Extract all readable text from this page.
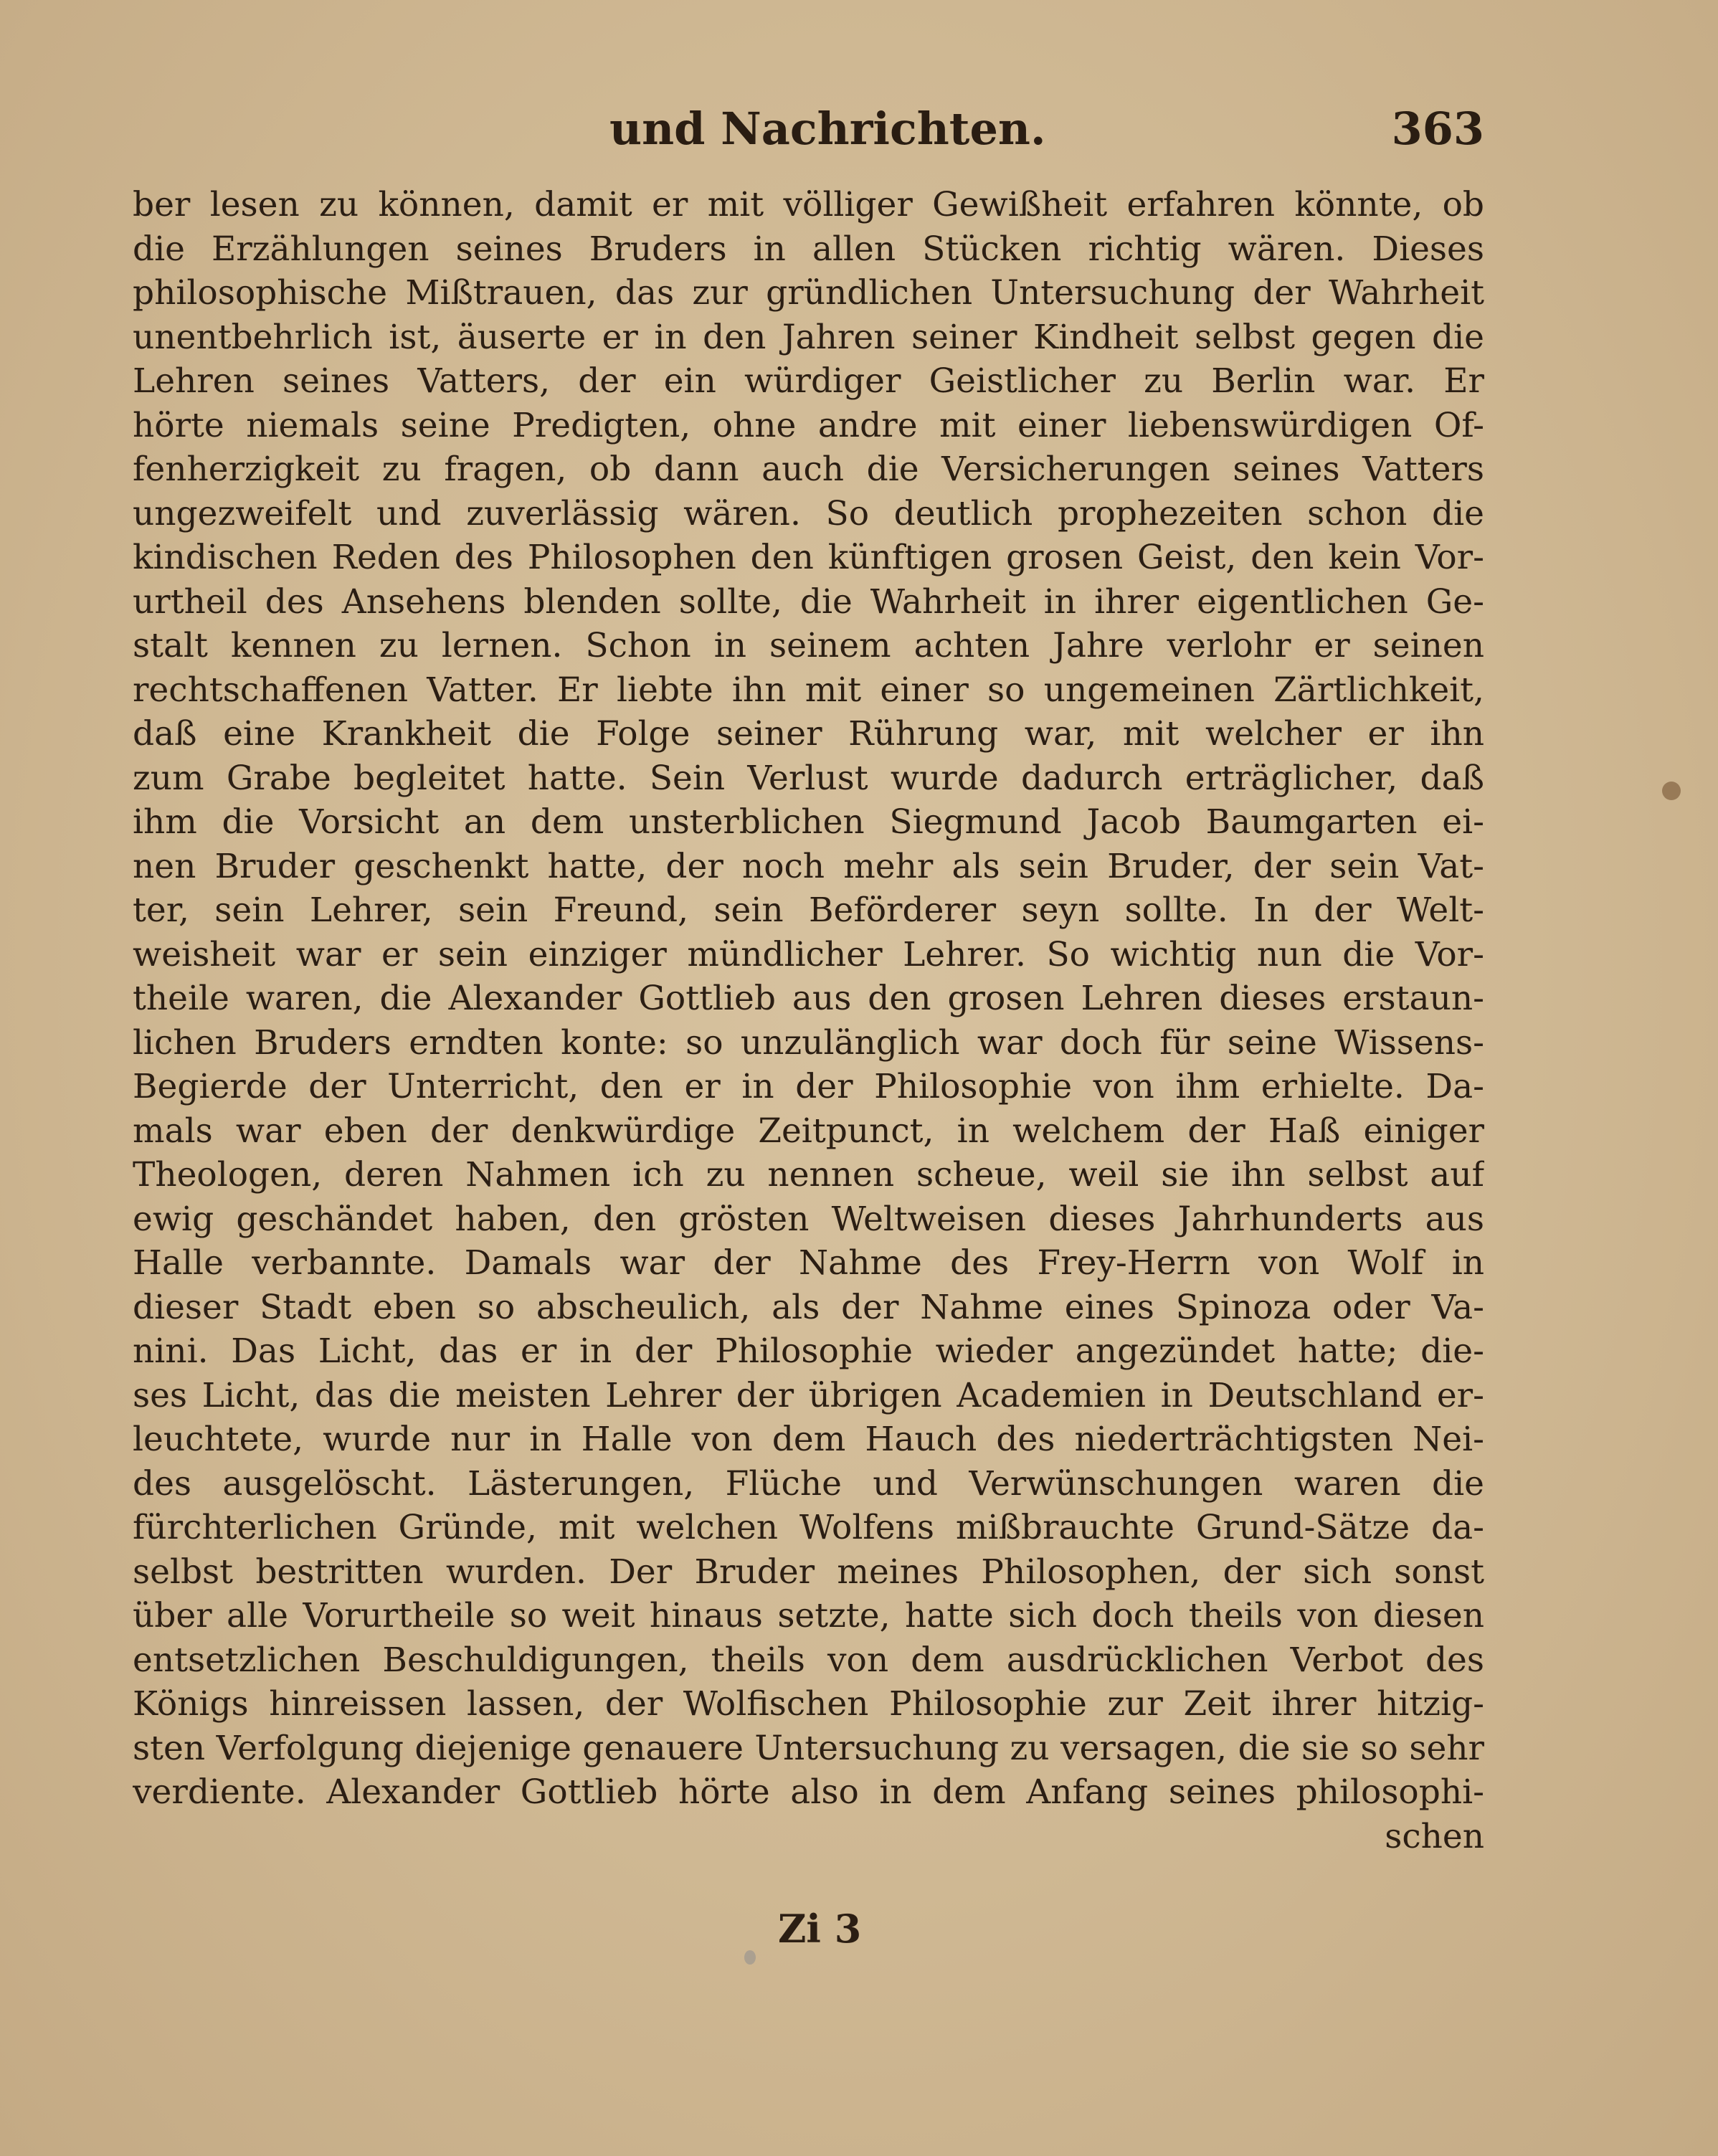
und Nachrichten.	363
ber lesen zu können, damit er mit völliger Gewißheit erfahren könnte, ob
die Erzählungen seines Bruders in allen Stücken richtig wären. Dieses
philosophische Mißtrauen, das zur gründlichen Untersuchung der Wahrheit
unentbehrlich ist, äuserte er in den Jahren seiner Kindheit selbst gegen die
Lehren seines Vatters, der ein würdiger Geistlicher zu Berlin war. Er
hörte niemals seine Predigten, ohne andre mit einer liebenswürdigen Of-
fenherzigkeit zu fragen, ob dann auch die Versicherungen seines Vatters
ungezweifelt und zuverlässig wären. So deutlich prophezeiten schon die
kindischen Reden des Philosophen den künftigen grosen Geist, den kein Vor-
urtheil des Ansehens blenden sollte, die Wahrheit in ihrer eigentlichen Ge-
stalt kennen zu lernen. Schon in seinem achten Jahre verlohr er seinen
rechtschaffenen Vatter. Er liebte ihn mit einer so ungemeinen Zärtlichkeit,
daß eine Krankheit die Folge seiner Rührung war, mit welcher er ihn
zum Grabe begleitet hatte. Sein Verlust wurde dadurch erträglicher, daß
ihm die Vorsicht an dem unsterblichen Siegmund Jacob Baumgarten ei-
nen Bruder geschenkt hatte, der noch mehr als sein Bruder, der sein Vat-
ter, sein Lehrer, sein Freund, sein Beförderer seyn sollte. In der Welt-
weisheit war er sein einziger mündlicher Lehrer. So wichtig nun die Vor-
theile waren, die Alexander Gottlieb aus den grosen Lehren dieses erstaun-
lichen Bruders erndten konte: so unzulänglich war doch für seine Wissens-
Begierde der Unterricht, den er in der Philosophie von ihm erhielte. Da-
mals war eben der denkwürdige Zeitpunct, in welchem der Haß einiger
Theologen, deren Nahmen ich zu nennen scheue, weil sie ihn selbst auf
ewig geschändet haben, den grösten Weltweisen dieses Jahrhunderts aus
Halle verbannte. Damals war der Nahme des Frey-Herrn von Wolf in
dieser Stadt eben so abscheulich, als der Nahme eines Spinoza oder Va-
nini. Das Licht, das er in der Philosophie wieder angezündet hatte; die-
ses Licht, das die meisten Lehrer der übrigen Academien in Deutschland er-
leuchtete, wurde nur in Halle von dem Hauch des niederträchtigsten Nei-
des ausgelöscht. Lästerungen, Flüche und Verwünschungen waren die
fürchterlichen Gründe, mit welchen Wolfens mißbrauchte Grund-Sätze da-
selbst bestritten wurden. Der Bruder meines Philosophen, der sich sonst
über alle Vorurtheile so weit hinaus setzte, hatte sich doch theils von diesen
entsetzlichen Beschuldigungen, theils von dem ausdrücklichen Verbot des
Königs hinreissen lassen, der Wolfischen Philosophie zur Zeit ihrer hitzig-
sten Verfolgung diejenige genauere Untersuchung zu versagen, die sie so sehr
verdiente. Alexander Gottlieb hörte also in dem Anfang seines philosophi-
schen
Zi 3
